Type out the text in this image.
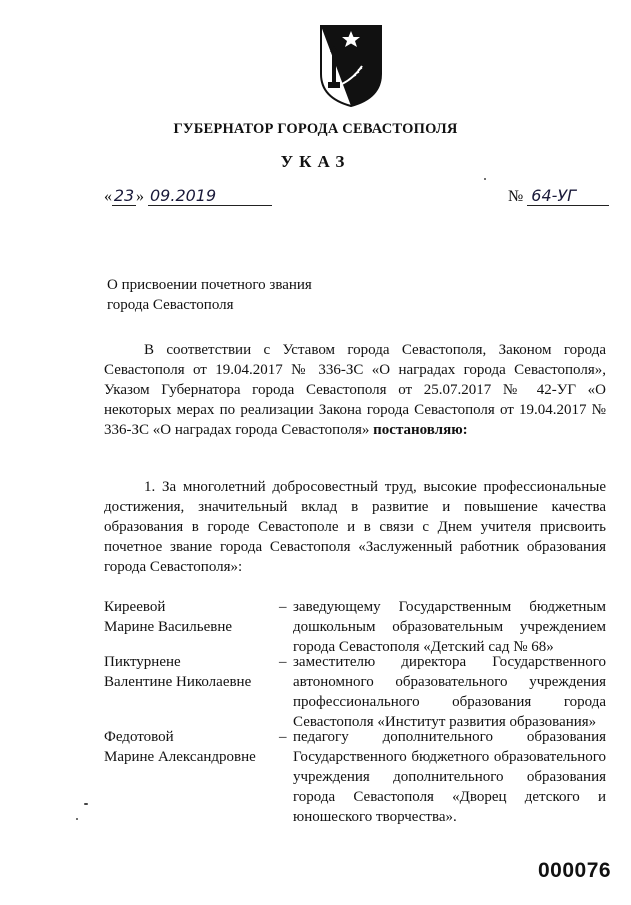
ГУБЕРНАТОР ГОРОДА СЕВАСТОПОЛЯ
УКАЗ
« 23 » 09.2019	№ 64-УГ
О присвоении почетного звания
города Севастополя
В соответствии с Уставом города Севастополя, Законом города Севастополя от 19.04.2017 № 336-ЗС «О наградах города Севастополя», Указом Губернатора города Севастополя от 25.07.2017 № 42-УГ «О некоторых мерах по реализации Закона города Севастополя от 19.04.2017 № 336-ЗС «О наградах города Севастополя» постановляю:
1. За многолетний добросовестный труд, высокие профессиональные достижения, значительный вклад в развитие и повышение качества образования в городе Севастополе и в связи с Днем учителя присвоить почетное звание города Севастополя «Заслуженный работник образования города Севастополя»:
Киреевой
Марине Васильевне
– заведующему Государственным бюджетным дошкольным образовательным учреждением города Севастополя «Детский сад № 68»
Пиктурнене
Валентине Николаевне
– заместителю директора Государственного автономного образовательного учреждения профессионального образования города Севастополя «Институт развития образования»
Федотовой
Марине Александровне
– педагогу дополнительного образования Государственного бюджетного образовательного учреждения дополнительного образования города Севастополя «Дворец детского и юношеского творчества».
000076
